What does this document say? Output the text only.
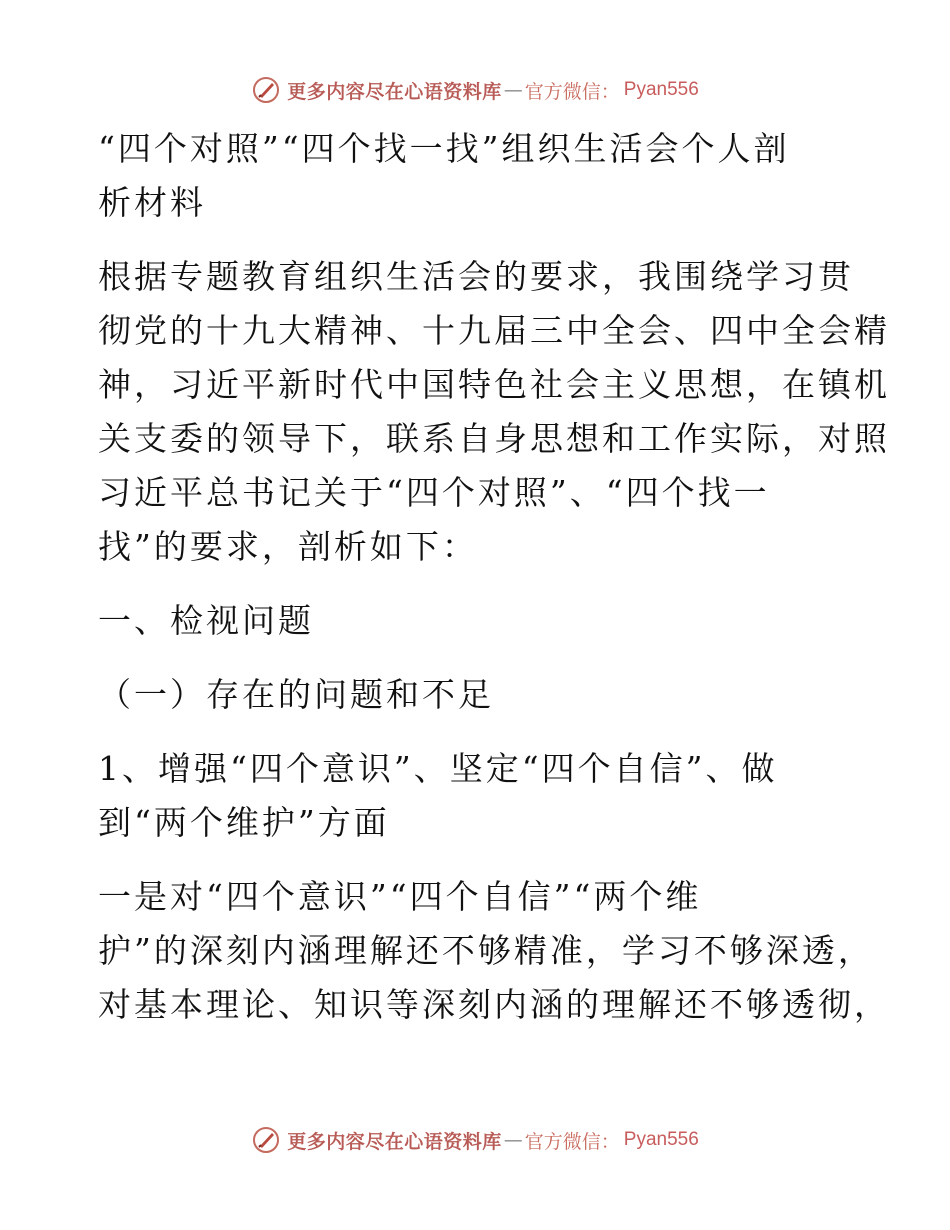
更多内容尽在心语资料库 — 官方微信 ： Pyan556
“四个对照”“四个找一找”组织生活会个人剖
析材料
根据专题教育组织生活会的要求，我围绕学习贯
彻党的十九大精神、十九届三中全会、四中全会精
神，习近平新时代中国特色社会主义思想，在镇机
关支委的领导下，联系自身思想和工作实际，对照
习近平总书记关于“四个对照”、“四个找一
找”的要求，剖析如下：
一、检视问题
（一）存在的问题和不足
1、增强“四个意识”、坚定“四个自信”、做
到“两个维护”方面
一是对“四个意识”“四个自信”“两个维
护”的深刻内涵理解还不够精准，学习不够深透，
对基本理论、知识等深刻内涵的理解还不够透彻，
更多内容尽在心语资料库 — 官方微信 ： Pyan556
